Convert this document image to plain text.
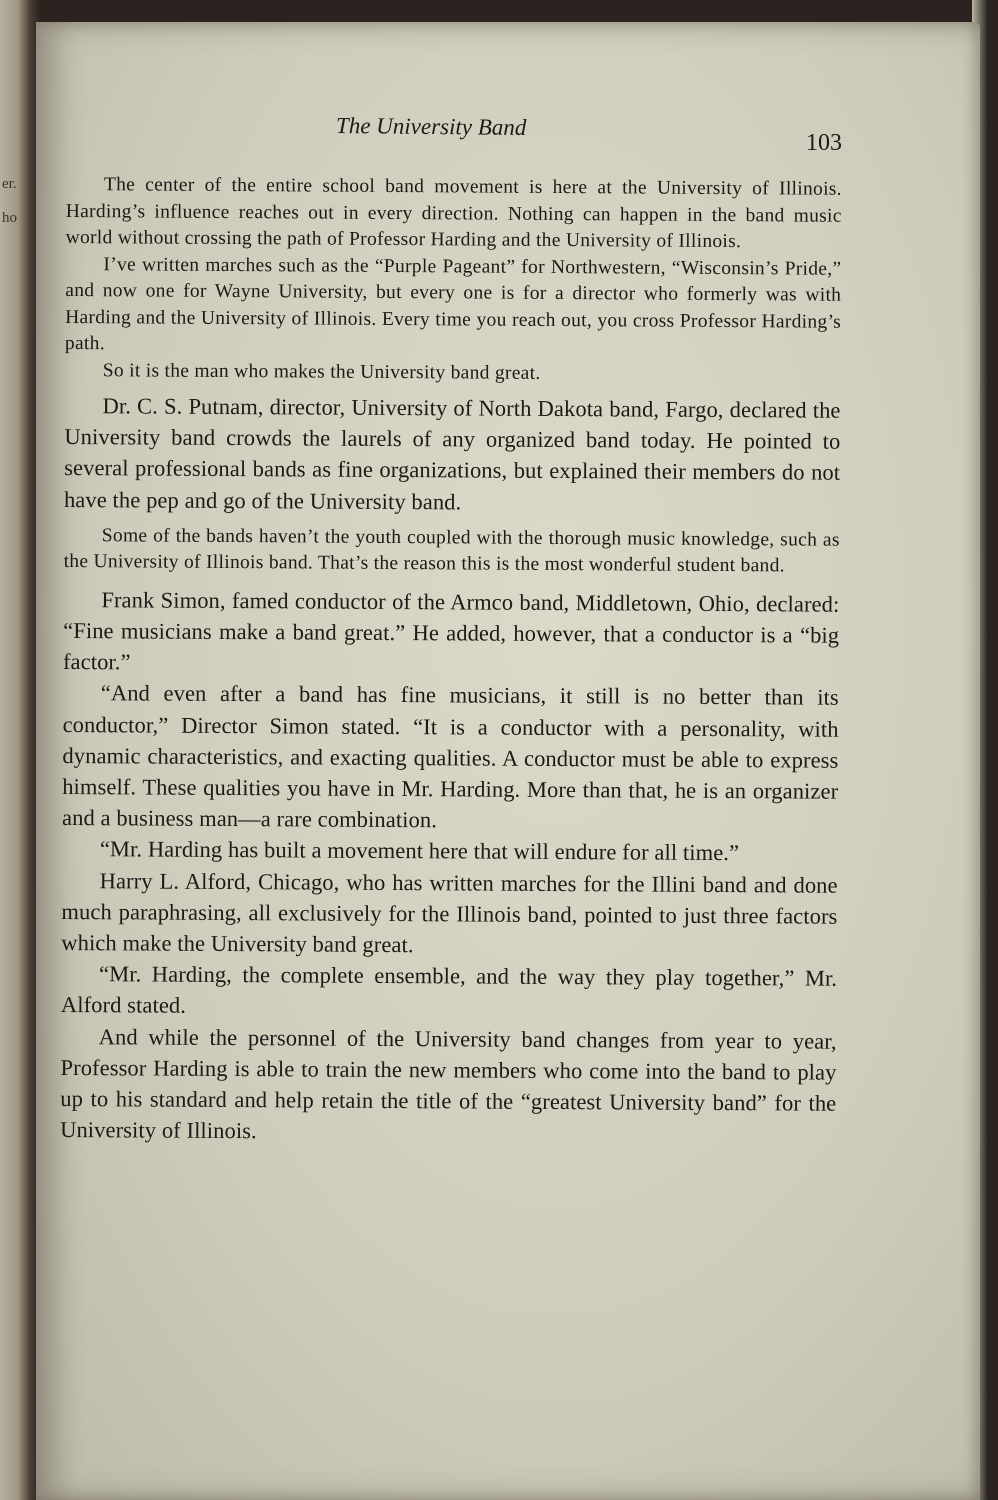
er.
ho
The University Band
103

The center of the entire school band movement is here at the University of Illinois. Harding’s influence reaches out in every direction. Nothing can happen in the band music world without crossing the path of Professor Harding and the University of Illinois.

I’ve written marches such as the “Purple Pageant” for Northwestern, “Wisconsin’s Pride,” and now one for Wayne University, but every one is for a director who formerly was with Harding and the University of Illinois. Every time you reach out, you cross Professor Harding’s path.

So it is the man who makes the University band great.

Dr. C. S. Putnam, director, University of North Dakota band, Fargo, declared the University band crowds the laurels of any organized band today. He pointed to several professional bands as fine organizations, but explained their members do not have the pep and go of the University band.

Some of the bands haven’t the youth coupled with the thorough music knowledge, such as the University of Illinois band. That’s the reason this is the most wonderful student band.

Frank Simon, famed conductor of the Armco band, Middletown, Ohio, declared: “Fine musicians make a band great.” He added, however, that a conductor is a “big factor.”

“And even after a band has fine musicians, it still is no better than its conductor,” Director Simon stated. “It is a conductor with a personality, with dynamic characteristics, and exacting qualities. A conductor must be able to express himself. These qualities you have in Mr. Harding. More than that, he is an organizer and a business man—a rare combination.

“Mr. Harding has built a movement here that will endure for all time.”

Harry L. Alford, Chicago, who has written marches for the Illini band and done much paraphrasing, all exclusively for the Illinois band, pointed to just three factors which make the University band great.

“Mr. Harding, the complete ensemble, and the way they play together,” Mr. Alford stated.

And while the personnel of the University band changes from year to year, Professor Harding is able to train the new members who come into the band to play up to his standard and help retain the title of the “greatest University band” for the University of Illinois.
